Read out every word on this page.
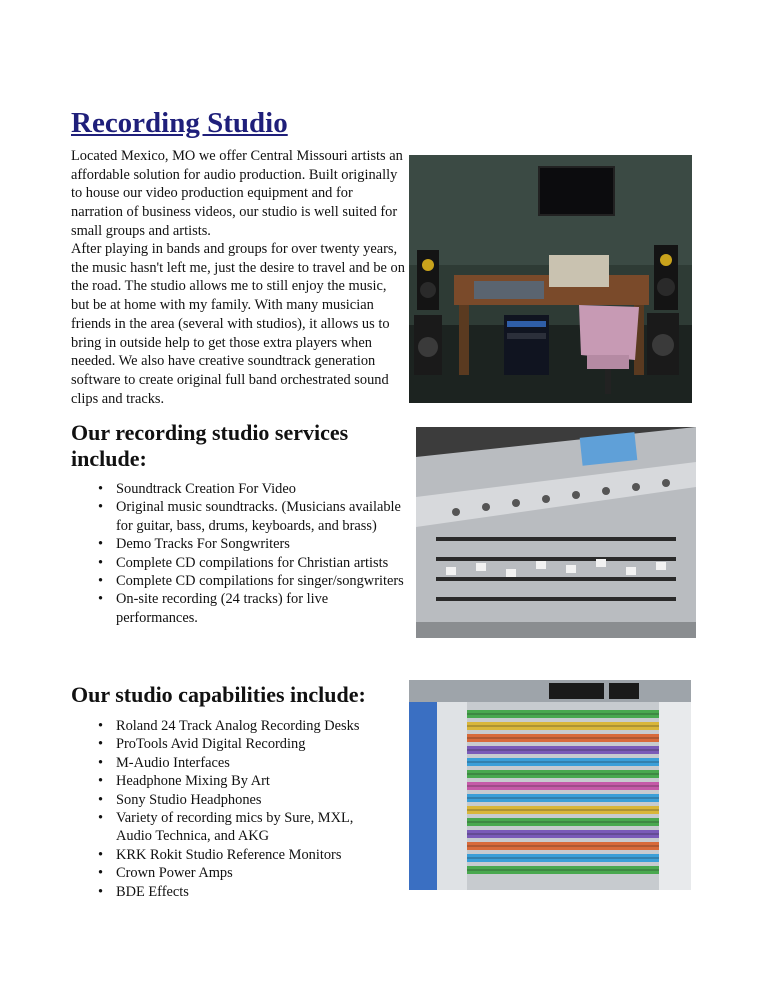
Recording Studio

Located Mexico, MO we offer Central Missouri artists an affordable solution for audio production. Built originally to house our video production equipment and for narration of business videos, our studio is well suited for small groups and artists.

After playing in bands and groups for over twenty years, the music hasn't left me, just the desire to travel and be on the road. The studio allows me to still enjoy the music, but be at home with my family. With many musician friends in the area (several with studios), it allows us to bring in outside help to get those extra players when needed. We also have creative soundtrack generation software to create original full band orchestrated sound clips and tracks.

Our recording studio services include:
• Soundtrack Creation For Video
• Original music soundtracks. (Musicians available for guitar, bass, drums, keyboards, and brass)
• Demo Tracks For Songwriters
• Complete CD compilations for Christian artists
• Complete CD compilations for singer/songwriters
• On-site recording (24 tracks) for live performances.
Our studio capabilities include:
• Roland 24 Track Analog Recording Desks
• ProTools Avid Digital Recording
• M-Audio Interfaces
• Headphone Mixing By Art
• Sony Studio Headphones
• Variety of recording mics by Sure, MXL, Audio Technica, and AKG
• KRK Rokit Studio Reference Monitors
• Crown Power Amps
• BDE Effects
